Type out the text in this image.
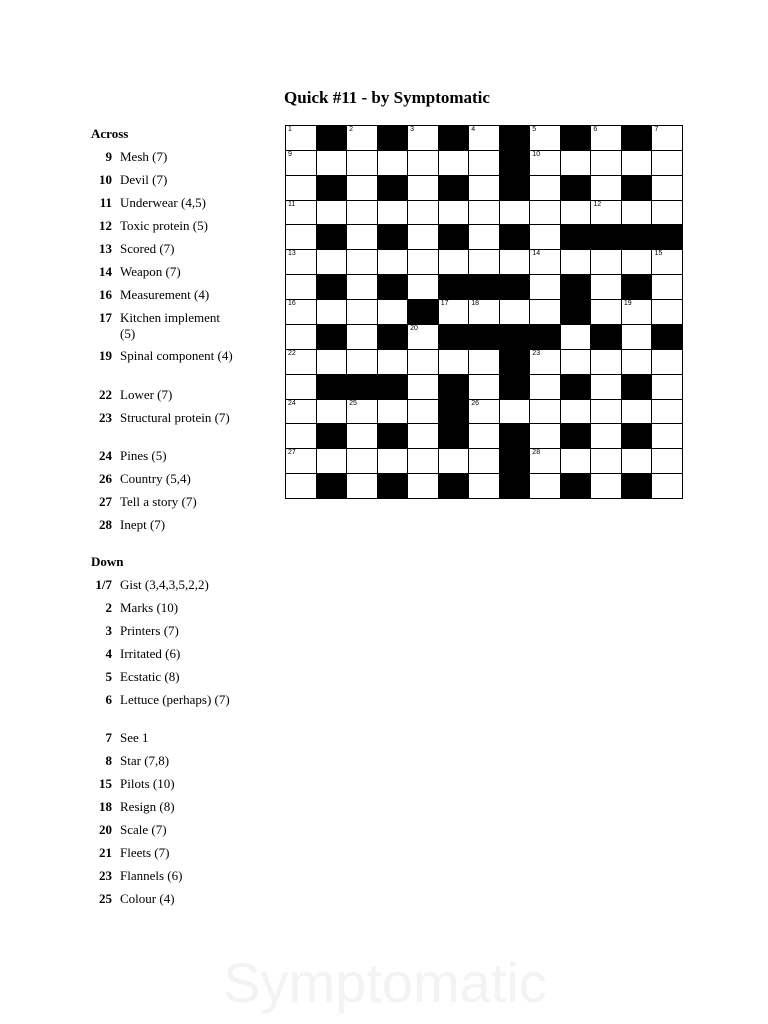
Quick #11 - by Symptomatic
Across
9 Mesh (7)
10 Devil (7)
11 Underwear (4,5)
12 Toxic protein (5)
13 Scored (7)
14 Weapon (7)
16 Measurement (4)
17 Kitchen implement (5)
19 Spinal component (4)
22 Lower (7)
23 Structural protein (7)
24 Pines (5)
26 Country (5,4)
27 Tell a story (7)
28 Inept (7)
Down
1/7 Gist (3,4,3,5,2,2)
2 Marks (10)
3 Printers (7)
4 Irritated (6)
5 Ecstatic (8)
6 Lettuce (perhaps) (7)
7 See 1
8 Star (7,8)
15 Pilots (10)
18 Resign (8)
20 Scale (7)
21 Fleets (7)
23 Flannels (6)
25 Colour (4)
1	2	3	4	5	6	7
9	10
11	12
13	14	15
16	17	18	19
20
22	23
24	25	26
27	28
Symptomatic
